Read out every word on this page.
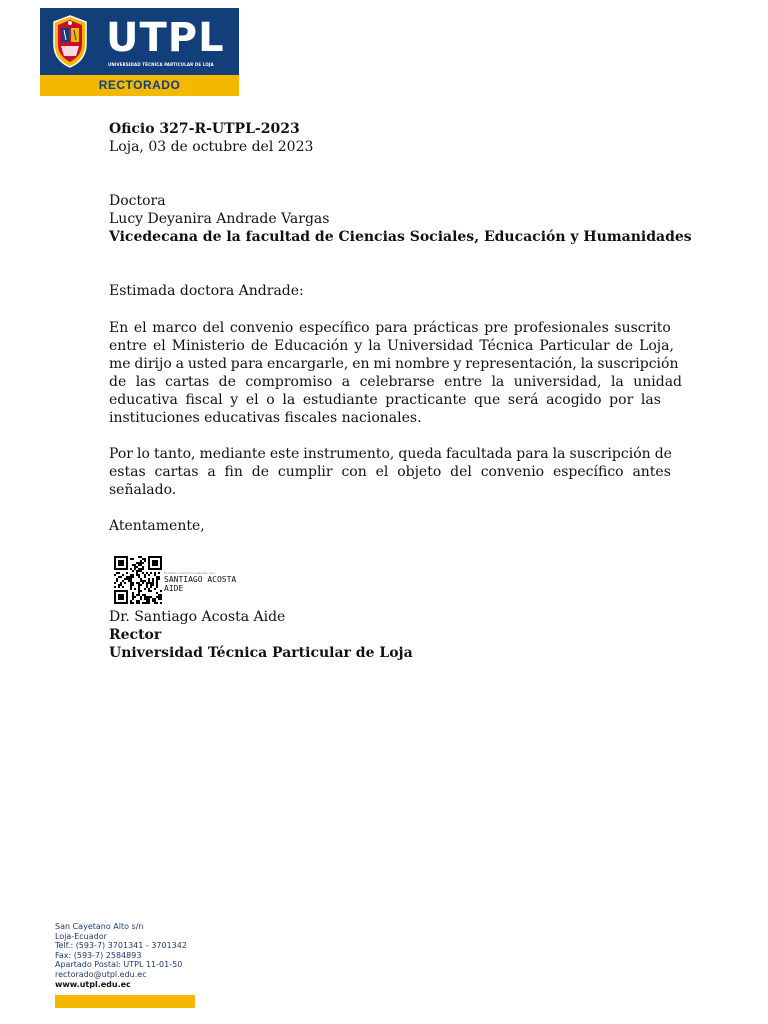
UTPL
UNIVERSIDAD TÉCNICA PARTICULAR DE LOJA
RECTORADO
Oficio 327-R-UTPL-2023
Loja, 03 de octubre del 2023
Doctora
Lucy Deyanira Andrade Vargas
Vicedecana de la facultad de Ciencias Sociales, Educación y Humanidades
Estimada doctora Andrade:
En el marco del convenio específico para prácticas pre profesionales suscrito
entre el Ministerio de Educación y la Universidad Técnica Particular de Loja,
me dirijo a usted para encargarle, en mi nombre y representación, la suscripción
de las cartas de compromiso a celebrarse entre la universidad, la unidad
educativa fiscal y el o la estudiante practicante que será acogido por las
instituciones educativas fiscales nacionales.
Por lo tanto, mediante este instrumento, queda facultada para la suscripción de
estas cartas a fin de cumplir con el objeto del convenio específico antes
señalado.
Atentamente,
Firmado electrónicamente por:
SANTIAGO ACOSTA
AIDE
Dr. Santiago Acosta Aide
Rector
Universidad Técnica Particular de Loja
San Cayetano Alto s/n
Loja-Ecuador
Telf.: (593-7) 3701341 - 3701342
Fax: (593-7) 2584893
Apartado Postal: UTPL 11-01-50
rectorado@utpl.edu.ec
www.utpl.edu.ec
